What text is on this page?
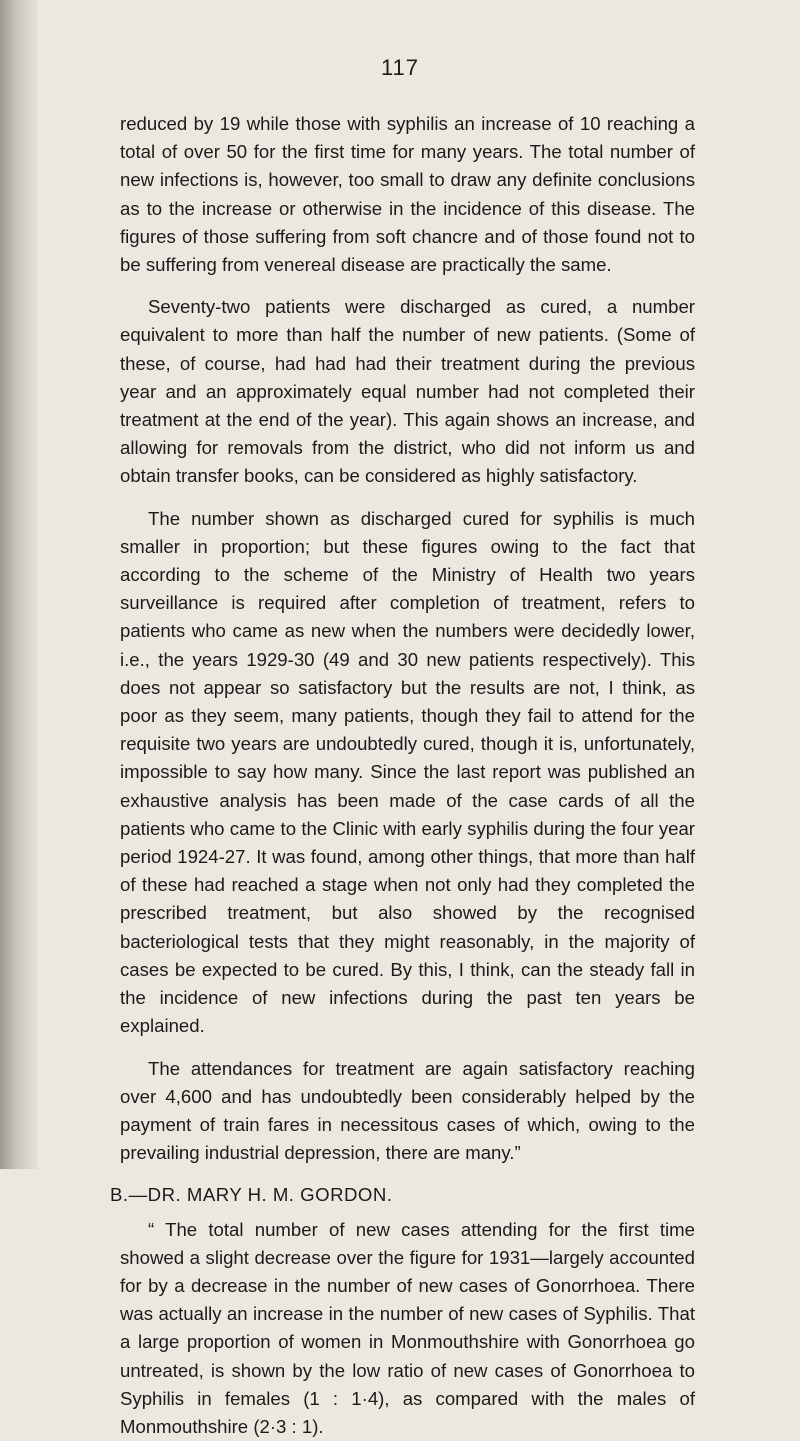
117

reduced by 19 while those with syphilis an increase of 10 reaching a total of over 50 for the first time for many years. The total number of new infections is, however, too small to draw any definite conclusions as to the increase or otherwise in the incidence of this disease. The figures of those suffering from soft chancre and of those found not to be suffering from venereal disease are practically the same.

Seventy-two patients were discharged as cured, a number equivalent to more than half the number of new patients. (Some of these, of course, had had had their treatment during the previous year and an approximately equal number had not completed their treatment at the end of the year). This again shows an increase, and allowing for removals from the district, who did not inform us and obtain transfer books, can be considered as highly satisfactory.

The number shown as discharged cured for syphilis is much smaller in proportion; but these figures owing to the fact that according to the scheme of the Ministry of Health two years surveillance is required after completion of treatment, refers to patients who came as new when the numbers were decidedly lower, i.e., the years 1929-30 (49 and 30 new patients respectively). This does not appear so satisfactory but the results are not, I think, as poor as they seem, many patients, though they fail to attend for the requisite two years are undoubtedly cured, though it is, unfortunately, impossible to say how many. Since the last report was published an exhaustive analysis has been made of the case cards of all the patients who came to the Clinic with early syphilis during the four year period 1924-27. It was found, among other things, that more than half of these had reached a stage when not only had they completed the prescribed treatment, but also showed by the recognised bacteriological tests that they might reasonably, in the majority of cases be expected to be cured. By this, I think, can the steady fall in the incidence of new infections during the past ten years be explained.

The attendances for treatment are again satisfactory reaching over 4,600 and has undoubtedly been considerably helped by the payment of train fares in necessitous cases of which, owing to the prevailing industrial depression, there are many.”

B.—DR. MARY H. M. GORDON.

“ The total number of new cases attending for the first time showed a slight decrease over the figure for 1931—largely accounted for by a decrease in the number of new cases of Gonorrhoea. There was actually an increase in the number of new cases of Syphilis. That a large proportion of women in Monmouthshire with Gonorrhoea go untreated, is shown by the low ratio of new cases of Gonorrhoea to Syphilis in females (1 : 1·4), as compared with the males of Monmouthshire (2·3 : 1).
